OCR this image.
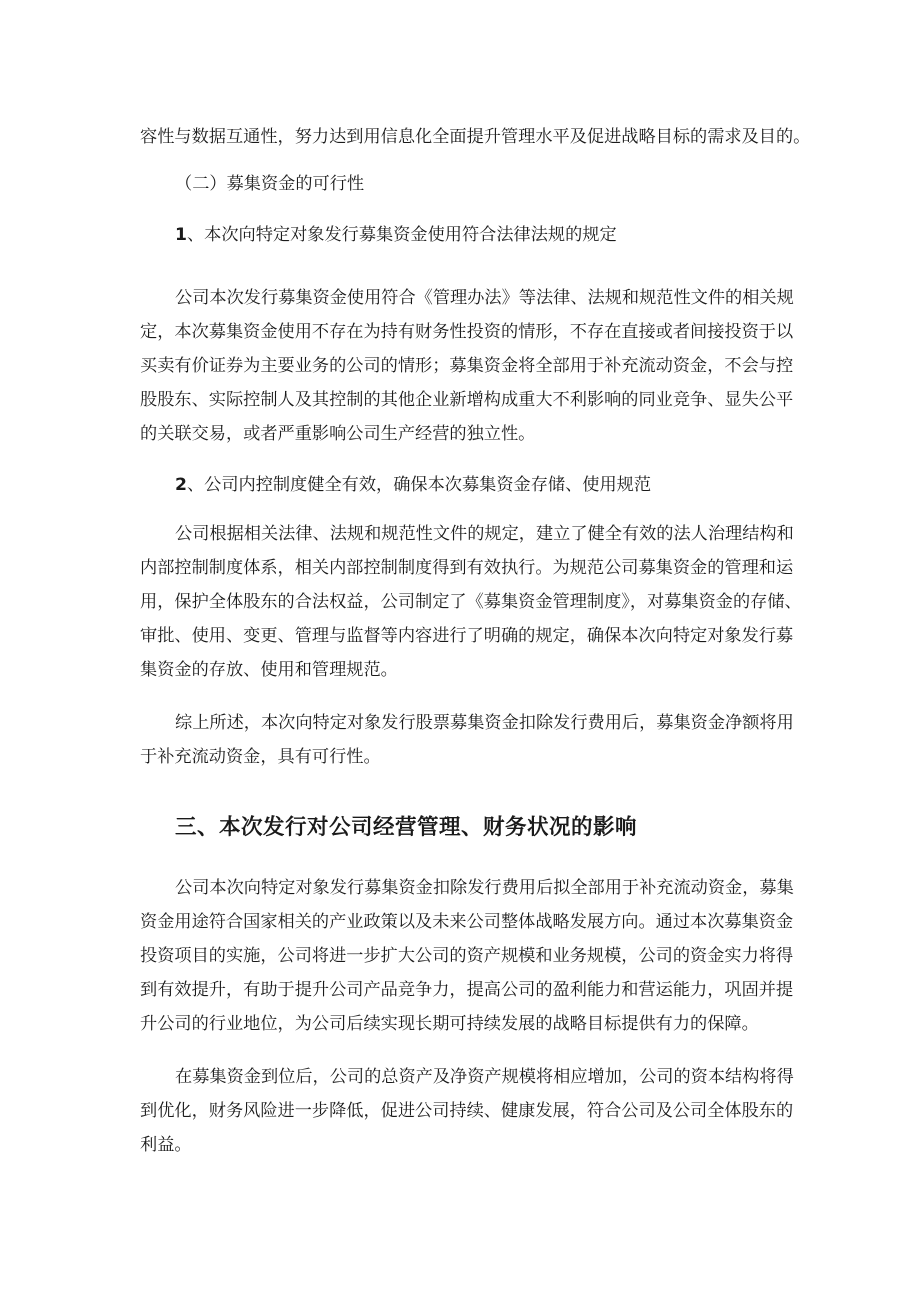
容性与数据互通性，努力达到用信息化全面提升管理水平及促进战略目标的需求及目的。
（二）募集资金的可行性
1、本次向特定对象发行募集资金使用符合法律法规的规定
公司本次发行募集资金使用符合《管理办法》等法律、法规和规范性文件的相关规
定，本次募集资金使用不存在为持有财务性投资的情形，不存在直接或者间接投资于以
买卖有价证券为主要业务的公司的情形；募集资金将全部用于补充流动资金，不会与控
股股东、实际控制人及其控制的其他企业新增构成重大不利影响的同业竞争、显失公平
的关联交易，或者严重影响公司生产经营的独立性。
2、公司内控制度健全有效，确保本次募集资金存储、使用规范
公司根据相关法律、法规和规范性文件的规定，建立了健全有效的法人治理结构和
内部控制制度体系，相关内部控制制度得到有效执行。为规范公司募集资金的管理和运
用，保护全体股东的合法权益，公司制定了《募集资金管理制度》，对募集资金的存储、
审批、使用、变更、管理与监督等内容进行了明确的规定，确保本次向特定对象发行募
集资金的存放、使用和管理规范。
综上所述，本次向特定对象发行股票募集资金扣除发行费用后，募集资金净额将用
于补充流动资金，具有可行性。
三、本次发行对公司经营管理、财务状况的影响
公司本次向特定对象发行募集资金扣除发行费用后拟全部用于补充流动资金，募集
资金用途符合国家相关的产业政策以及未来公司整体战略发展方向。通过本次募集资金
投资项目的实施，公司将进一步扩大公司的资产规模和业务规模，公司的资金实力将得
到有效提升，有助于提升公司产品竞争力，提高公司的盈利能力和营运能力，巩固并提
升公司的行业地位，为公司后续实现长期可持续发展的战略目标提供有力的保障。
在募集资金到位后，公司的总资产及净资产规模将相应增加，公司的资本结构将得
到优化，财务风险进一步降低，促进公司持续、健康发展，符合公司及公司全体股东的
利益。
